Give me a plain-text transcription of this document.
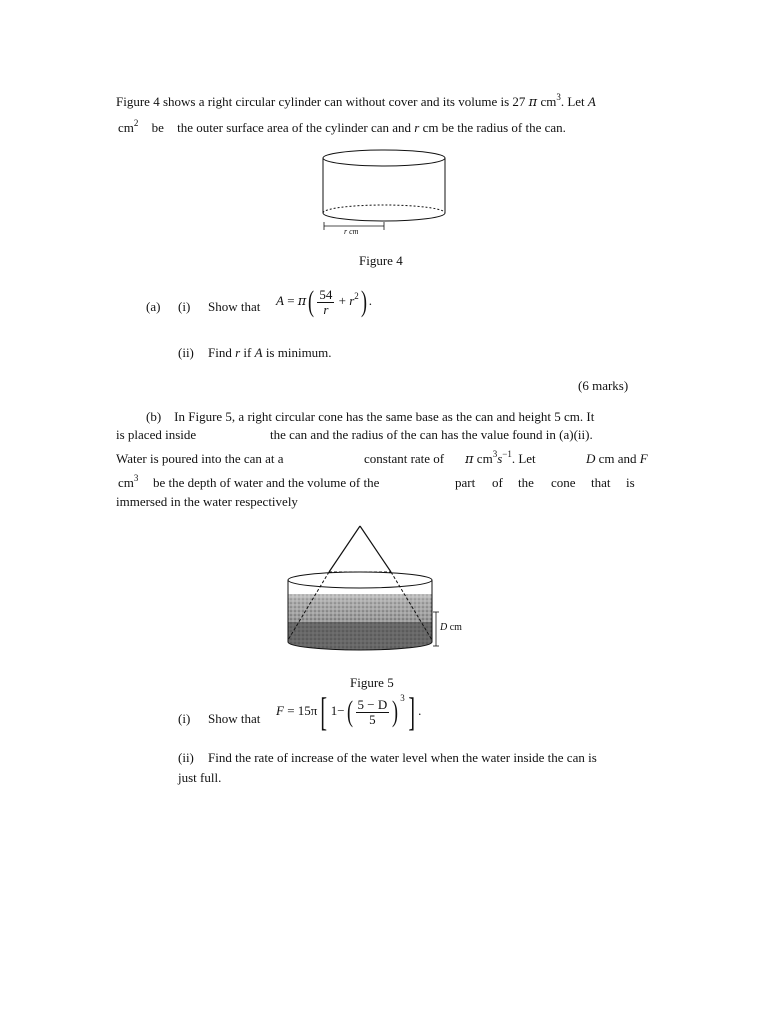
Figure 4 shows a right circular cylinder can without cover and its volume is 27 π $cm^3$. Let A
$cm^2$ be the outer surface area of the cylinder can and r cm be the radius of the can.
r cm
Figure 4
(a) (i) Show that $A = \pi( \frac{54}{r} + r^2)$ .
(ii) Find r if A is minimum.
(6 marks)
(b)    In Figure 5, a right circular cone has the same base as the can and height 5 cm. It
is placed inside	the can and the radius of the can has the value found in (a)(ii).
Water is poured into the can at a	constant rate of π $cm^3s^{-1}$. Let	D cm and F
$cm^3$ be the depth of water and the volume of the	part of the cone that is
immersed in the water respectively
D cm
Figure 5
(i) Show that
F = 15π[ $1-( \frac{5 - D}{5}$ ) $^3$] .
(ii) Find the rate of increase of the water level when the water inside the can is
just full.
